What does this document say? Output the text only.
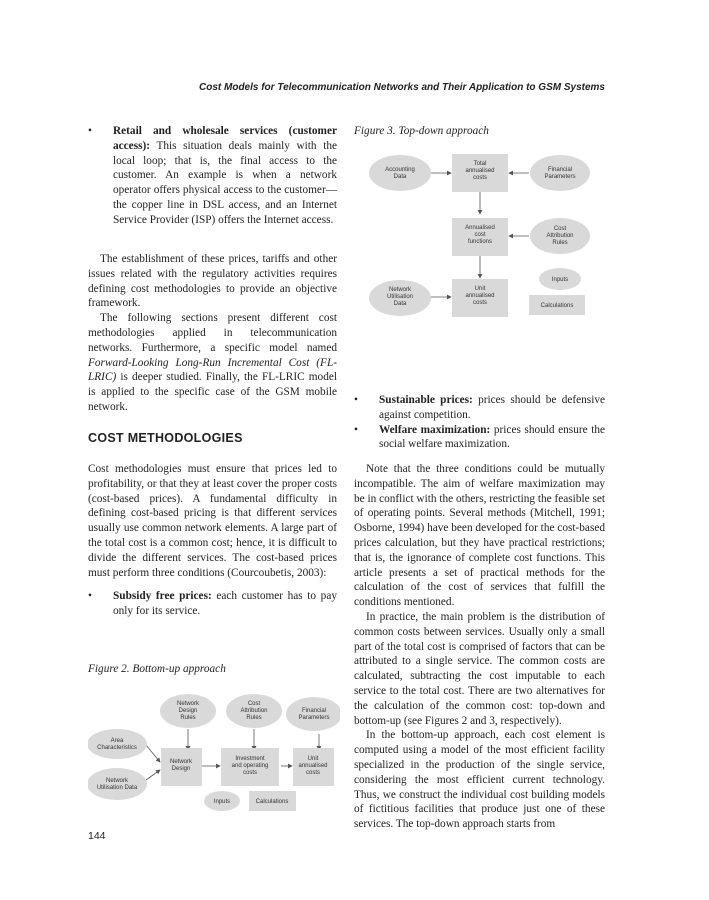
Cost Models for Telecommunication Networks and Their Application to GSM Systems
• Retail and wholesale services (customer access): This situation deals mainly with the local loop; that is, the final access to the customer. An example is when a network operator offers physical access to the customer—the copper line in DSL access, and an Internet Service Provider (ISP) offers the Internet access.

The establishment of these prices, tariffs and other issues related with the regulatory activities requires defining cost methodologies to provide an objective framework.

The following sections present different cost methodologies applied in telecommunication networks. Furthermore, a specific model named Forward-Looking Long-Run Incremental Cost (FL-LRIC) is deeper studied. Finally, the FL-LRIC model is applied to the specific case of the GSM mobile network.

COST METHODOLOGIES

Cost methodologies must ensure that prices led to profitability, or that they at least cover the proper costs (cost-based prices). A fundamental difficulty in defining cost-based pricing is that different services usually use common network elements. A large part of the total cost is a common cost; hence, it is difficult to divide the different services. The cost-based prices must perform three conditions (Courcoubetis, 2003):

• Subsidy free prices: each customer has to pay only for its service.
Figure 2. Bottom-up approach
Network
Design
Rules
Cost
Attribution
Rules
Financial
Parameters
Area
Characteristics
Network
Design
Investment
and operating
costs
Unit
annualised
costs
Network
Utilisation Data
Inputs	Calculations
Figure 3. Top-down approach
Accounting
Data
Total
annualised
costs
Financial
Parameters
Annualised
cost
functions
Cost
Attribution
Rules
Inputs
Network
Utilisation
Data
Unit
annualised
costs	Calculations
• Sustainable prices: prices should be defensive against competition.
• Welfare maximization: prices should ensure the social welfare maximization.

Note that the three conditions could be mutually incompatible. The aim of welfare maximization may be in conflict with the others, restricting the feasible set of operating points. Several methods (Mitchell, 1991; Osborne, 1994) have been developed for the cost-based prices calculation, but they have practical restrictions; that is, the ignorance of complete cost functions. This article presents a set of practical methods for the calculation of the cost of services that fulfill the conditions mentioned.

In practice, the main problem is the distribution of common costs between services. Usually only a small part of the total cost is comprised of factors that can be attributed to a single service. The common costs are calculated, subtracting the cost imputable to each service to the total cost. There are two alternatives for the calculation of the common cost: top-down and bottom-up (see Figures 2 and 3, respectively).

In the bottom-up approach, each cost element is computed using a model of the most efficient facility specialized in the production of the single service, considering the most efficient current technology. Thus, we construct the individual cost building models of fictitious facilities that produce just one of these services. The top-down approach starts from

144
